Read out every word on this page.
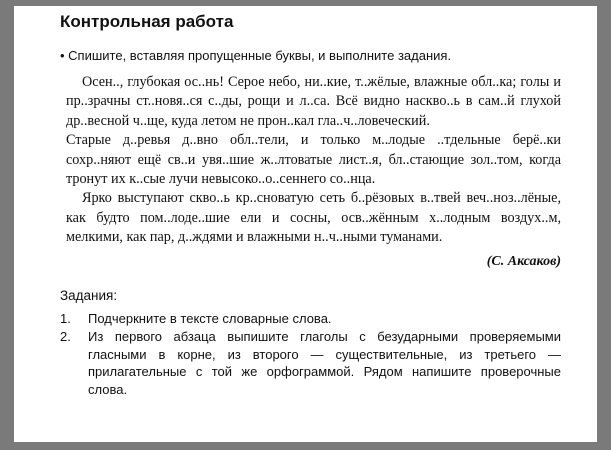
Контрольная работа
• Спишите, вставляя пропущенные буквы, и выполните задания.

Осен.., глубокая ос..нь! Серое небо, ни..кие, т..жёлые, влажные обл..ка; голы и пр..зрачны ст..новя..ся с..ды, рощи и л..са. Всё видно насквo..ь в сам..й глухой др..весной ч..ще, куда летом не прон..кал гла..ч..ловеческий.

Старые д..ревья д..вно обл..тели, и только м..лодые ..тдельные берё..ки сохр..няют ещё св..и увя..шие ж..лтоватые лист..я, бл..стающие зол..том, когда тронут их к..сые лучи невысоко..о..сеннего со..нца.

Ярко выступают скво..ь кр..сноватую сеть б..рёзовых в..твей веч..ноз..лёные, как будто пом..лоде..шие ели и сосны, осв..жённым х..лодным воздух..м, мелкими, как пар, д..ждями и влажными н..ч..ными туманами.

(С. Аксаков)
Задания:
1.	Подчеркните в тексте словарные слова.
2.	Из первого абзаца выпишите глаголы с безударными проверяемыми гласными в корне, из второго — существительные, из третьего — прилагательные с той же орфограммой. Рядом напишите проверочные слова.
